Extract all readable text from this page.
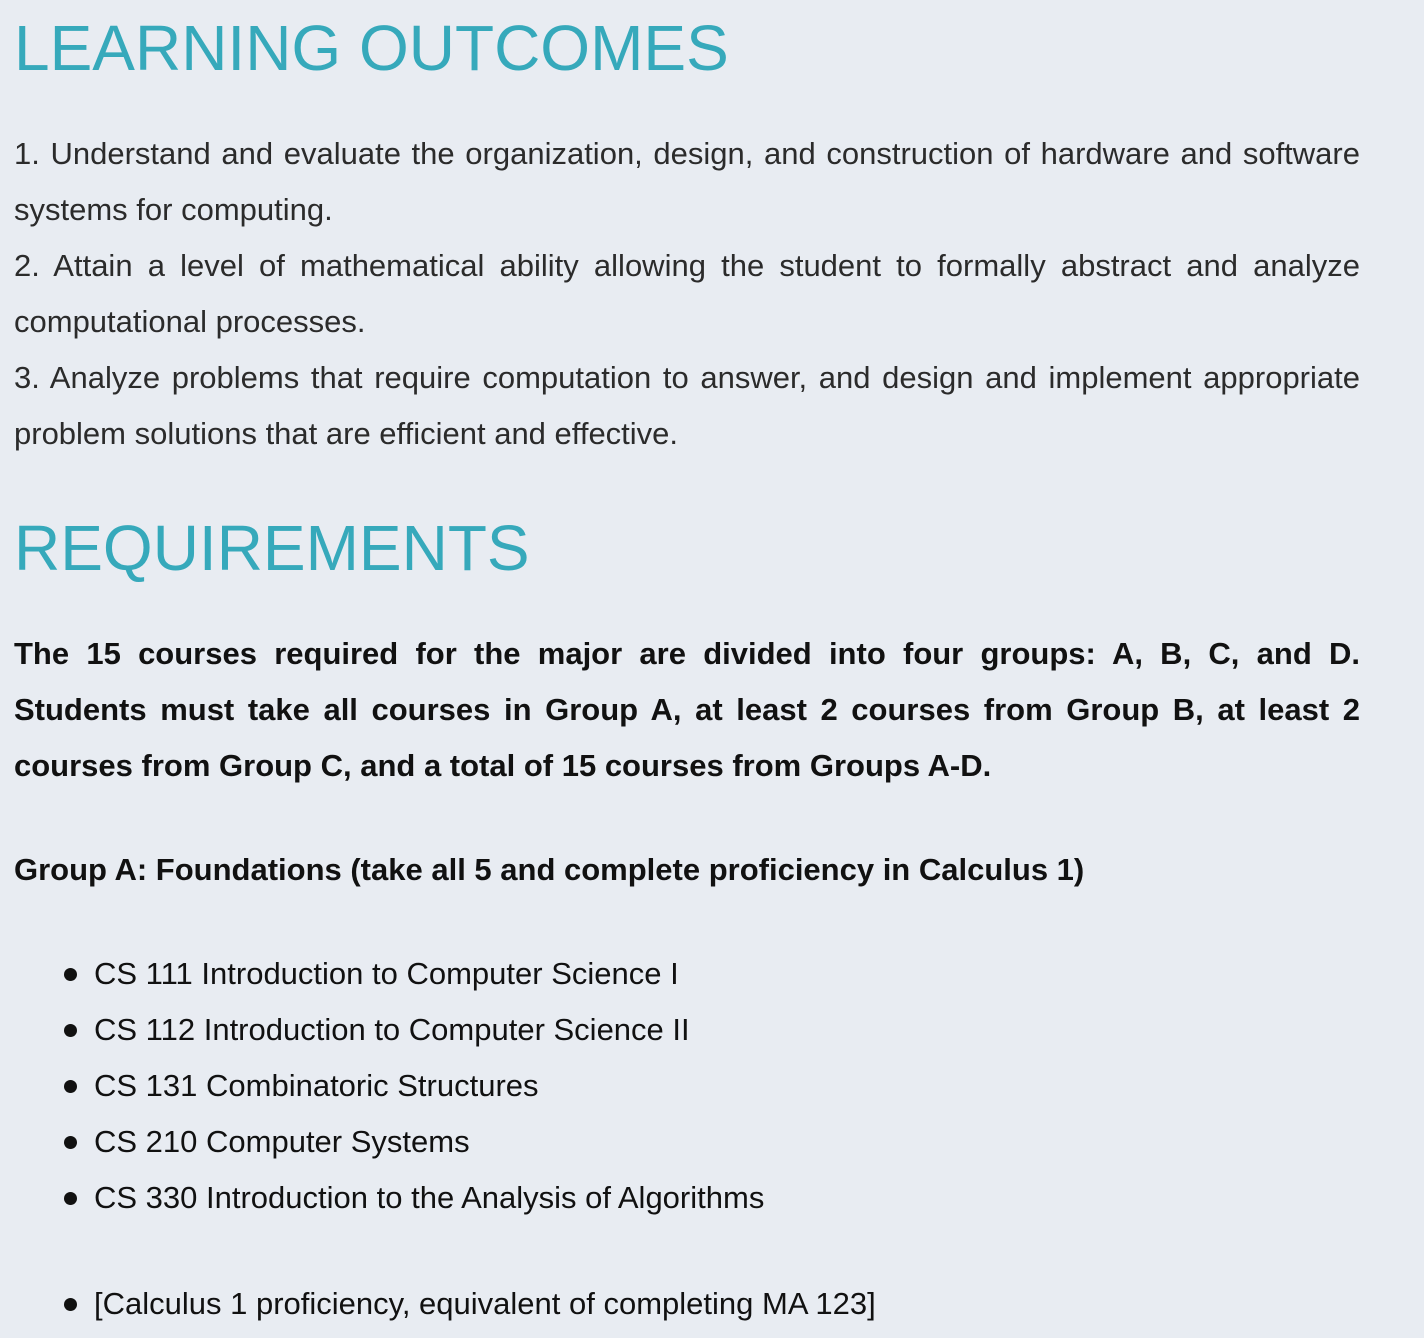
LEARNING OUTCOMES

1. Understand and evaluate the organization, design, and construction of hardware and software systems for computing.

2. Attain a level of mathematical ability allowing the student to formally abstract and analyze computational processes.

3. Analyze problems that require computation to answer, and design and implement appropriate problem solutions that are efficient and effective.

REQUIREMENTS

The 15 courses required for the major are divided into four groups: A, B, C, and D. Students must take all courses in Group A, at least 2 courses from Group B, at least 2 courses from Group C, and a total of 15 courses from Groups A-D.

Group A: Foundations (take all 5 and complete proficiency in Calculus 1)

CS 111 Introduction to Computer Science I
CS 112 Introduction to Computer Science II
CS 131 Combinatoric Structures
CS 210 Computer Systems
CS 330 Introduction to the Analysis of Algorithms
[Calculus 1 proficiency, equivalent of completing MA 123]
